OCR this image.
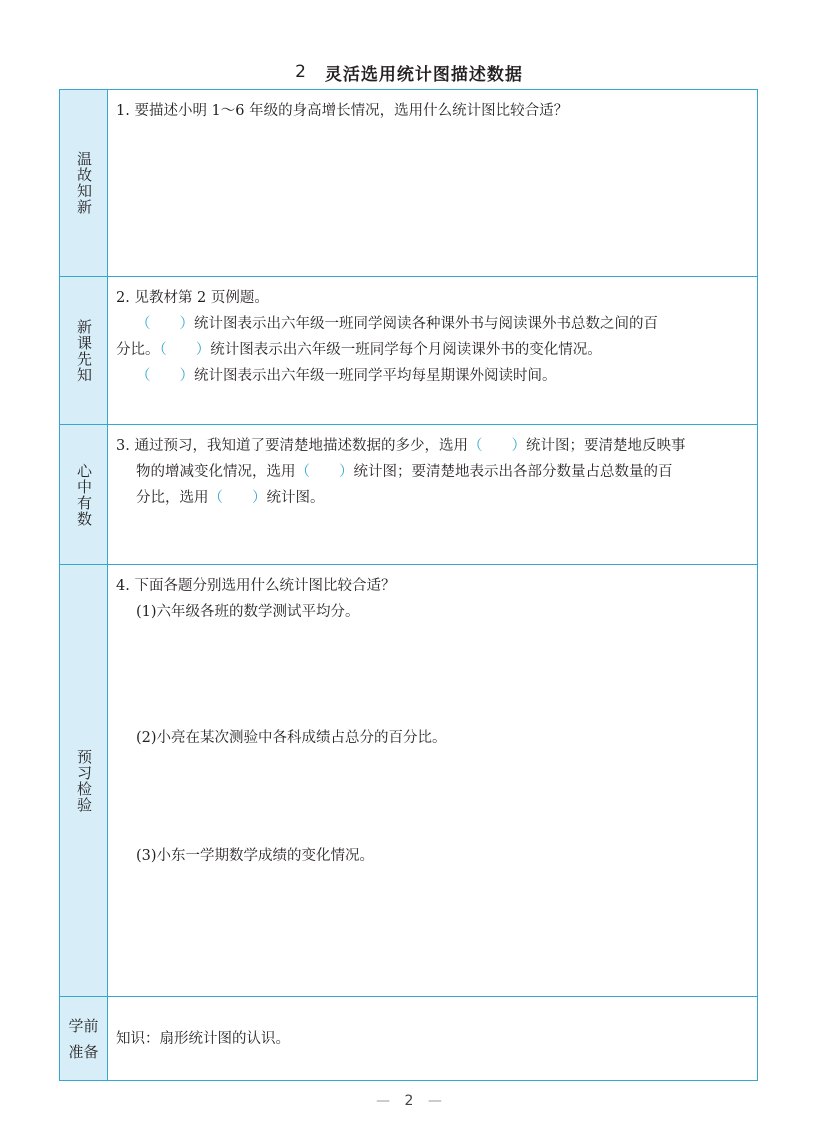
2 灵活选用统计图描述数据
温故知新
1. 要描述小明 1～6 年级的身高增长情况，选用什么统计图比较合适？
新课先知
2. 见教材第 2 页例题。
（　　）统计图表示出六年级一班同学阅读各种课外书与阅读课外书总数之间的百
分比。（　　）统计图表示出六年级一班同学每个月阅读课外书的变化情况。
（　　）统计图表示出六年级一班同学平均每星期课外阅读时间。
心中有数
3. 通过预习，我知道了要清楚地描述数据的多少，选用（　　）统计图；要清楚地反映事
物的增减变化情况，选用（　　）统计图；要清楚地表示出各部分数量占总数量的百
分比，选用（　　）统计图。
预习检验
4. 下面各题分别选用什么统计图比较合适？
(1)六年级各班的数学测试平均分。
(2)小亮在某次测验中各科成绩占总分的百分比。
(3)小东一学期数学成绩的变化情况。
学前
准备
知识：扇形统计图的认识。
— 2 —
